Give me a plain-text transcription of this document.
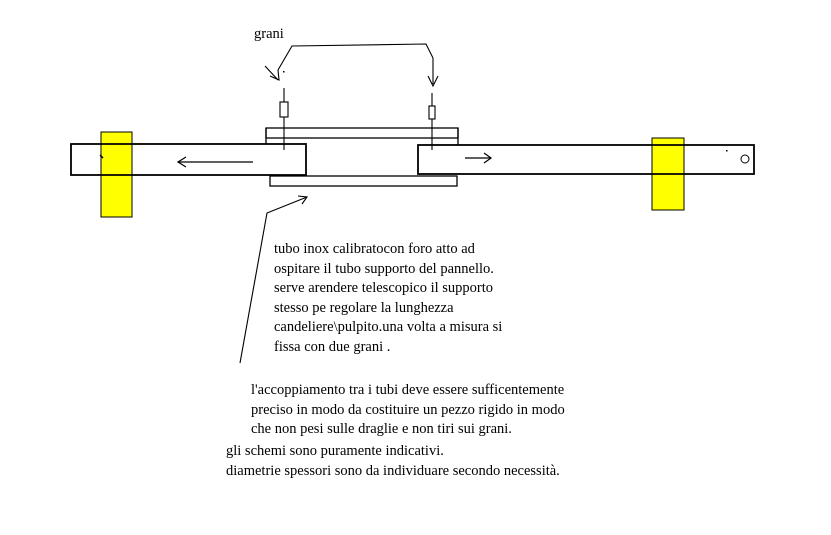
grani
tubo inox calibratocon foro atto ad
ospitare il tubo supporto del pannello.
serve arendere telescopico il supporto
stesso pe regolare la lunghezza
candeliere\pulpito.una volta a misura si
fissa con due grani .
l'accoppiamento tra i tubi deve essere sufficentemente
preciso in modo da costituire un pezzo rigido in modo
che non pesi sulle draglie e non tiri sui grani.
gli schemi sono puramente indicativi.
diametrie spessori sono da individuare secondo necessità.
